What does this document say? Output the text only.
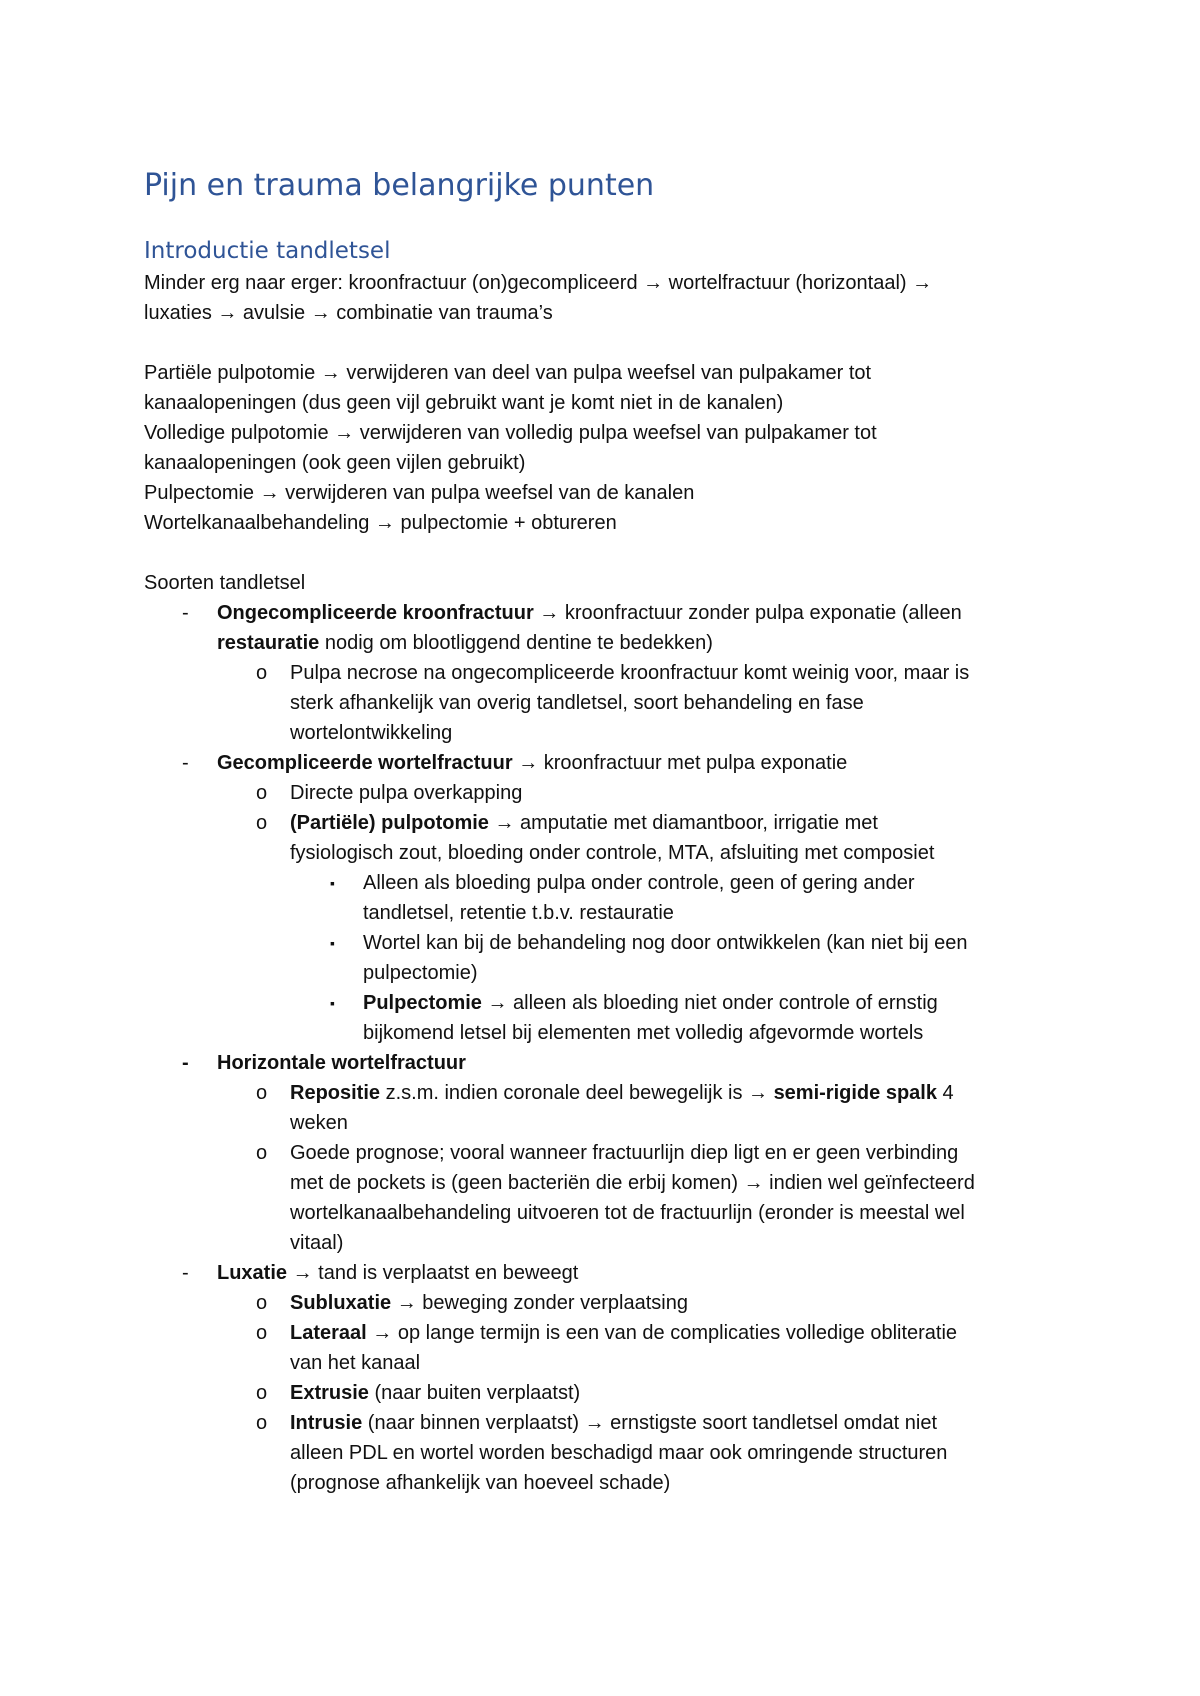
Pijn en trauma belangrijke punten
Introductie tandletsel
Minder erg naar erger: kroonfractuur (on)gecompliceerd → wortelfractuur (horizontaal) →
luxaties → avulsie → combinatie van trauma’s
Partiële pulpotomie → verwijderen van deel van pulpa weefsel van pulpakamer tot
kanaalopeningen (dus geen vijl gebruikt want je komt niet in de kanalen)
Volledige pulpotomie → verwijderen van volledig pulpa weefsel van pulpakamer tot
kanaalopeningen (ook geen vijlen gebruikt)
Pulpectomie → verwijderen van pulpa weefsel van de kanalen
Wortelkanaalbehandeling → pulpectomie + obtureren
Soorten tandletsel
- Ongecompliceerde kroonfractuur → kroonfractuur zonder pulpa exponatie (alleen
restauratie nodig om blootliggend dentine te bedekken)
o Pulpa necrose na ongecompliceerde kroonfractuur komt weinig voor, maar is
sterk afhankelijk van overig tandletsel, soort behandeling en fase
wortelontwikkeling
- Gecompliceerde wortelfractuur → kroonfractuur met pulpa exponatie
o Directe pulpa overkapping
o (Partiële) pulpotomie → amputatie met diamantboor, irrigatie met
fysiologisch zout, bloeding onder controle, MTA, afsluiting met composiet
▪ Alleen als bloeding pulpa onder controle, geen of gering ander
tandletsel, retentie t.b.v. restauratie
▪ Wortel kan bij de behandeling nog door ontwikkelen (kan niet bij een
pulpectomie)
▪ Pulpectomie → alleen als bloeding niet onder controle of ernstig
bijkomend letsel bij elementen met volledig afgevormde wortels
- Horizontale wortelfractuur
o Repositie z.s.m. indien coronale deel bewegelijk is → semi-rigide spalk 4
weken
o Goede prognose; vooral wanneer fractuurlijn diep ligt en er geen verbinding
met de pockets is (geen bacteriën die erbij komen) → indien wel geïnfecteerd
wortelkanaalbehandeling uitvoeren tot de fractuurlijn (eronder is meestal wel
vitaal)
- Luxatie → tand is verplaatst en beweegt
o Subluxatie → beweging zonder verplaatsing
o Lateraal → op lange termijn is een van de complicaties volledige obliteratie
van het kanaal
o Extrusie (naar buiten verplaatst)
o Intrusie (naar binnen verplaatst) → ernstigste soort tandletsel omdat niet
alleen PDL en wortel worden beschadigd maar ook omringende structuren
(prognose afhankelijk van hoeveel schade)
